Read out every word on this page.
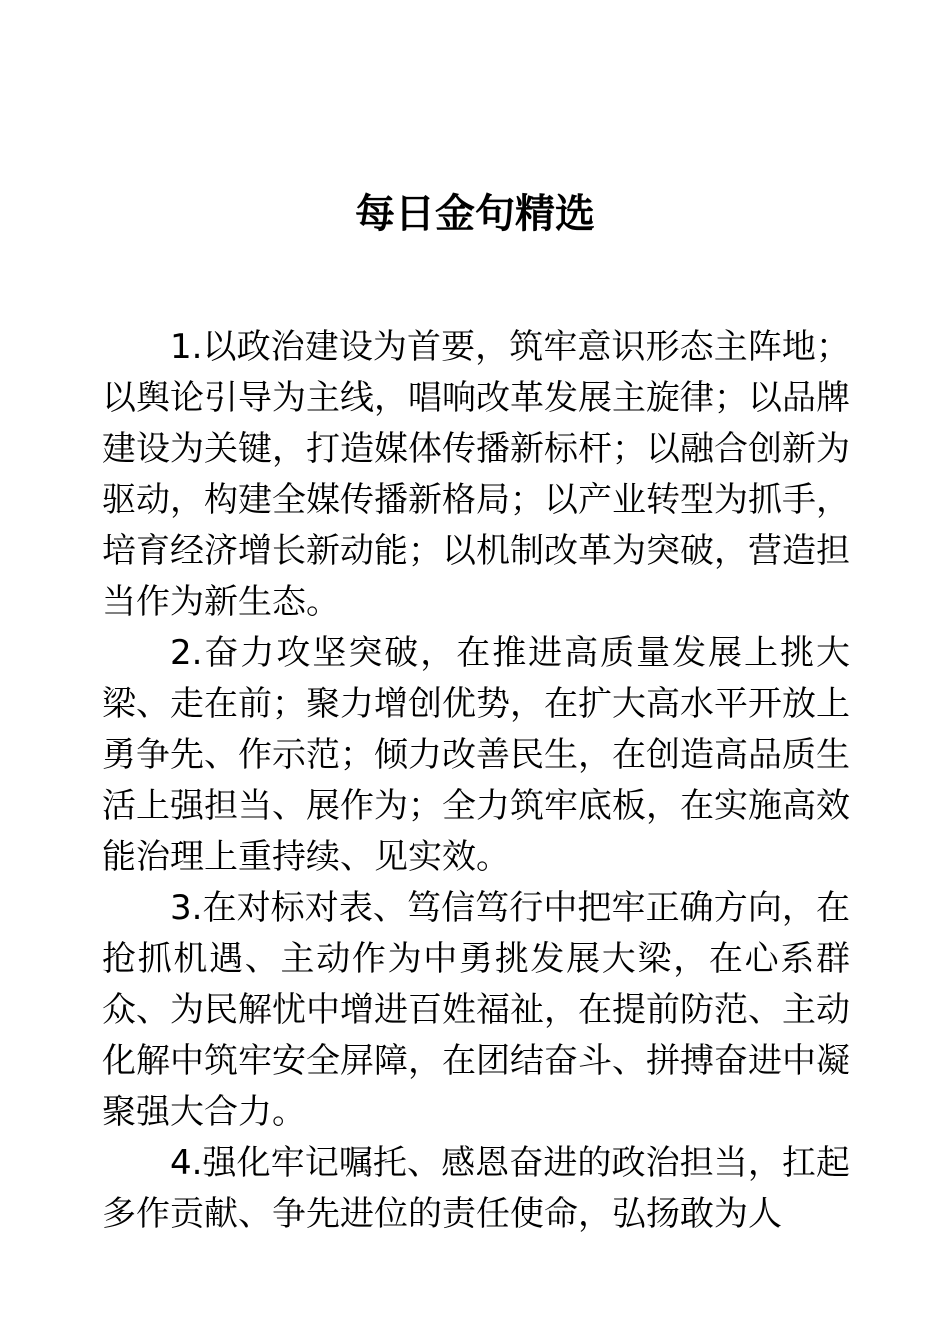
每日金句精选

1.以政治建设为首要，筑牢意识形态主阵地；以舆论引导为主线，唱响改革发展主旋律；以品牌建设为关键，打造媒体传播新标杆；以融合创新为驱动，构建全媒传播新格局；以产业转型为抓手，培育经济增长新动能；以机制改革为突破，营造担当作为新生态。

2.奋力攻坚突破，在推进高质量发展上挑大梁、走在前；聚力增创优势，在扩大高水平开放上勇争先、作示范；倾力改善民生，在创造高品质生活上强担当、展作为；全力筑牢底板，在实施高效能治理上重持续、见实效。

3.在对标对表、笃信笃行中把牢正确方向，在抢抓机遇、主动作为中勇挑发展大梁，在心系群众、为民解忧中增进百姓福祉，在提前防范、主动化解中筑牢安全屏障，在团结奋斗、拼搏奋进中凝聚强大合力。

4.强化牢记嘱托、感恩奋进的政治担当，扛起多作贡献、争先进位的责任使命，弘扬敢为人
